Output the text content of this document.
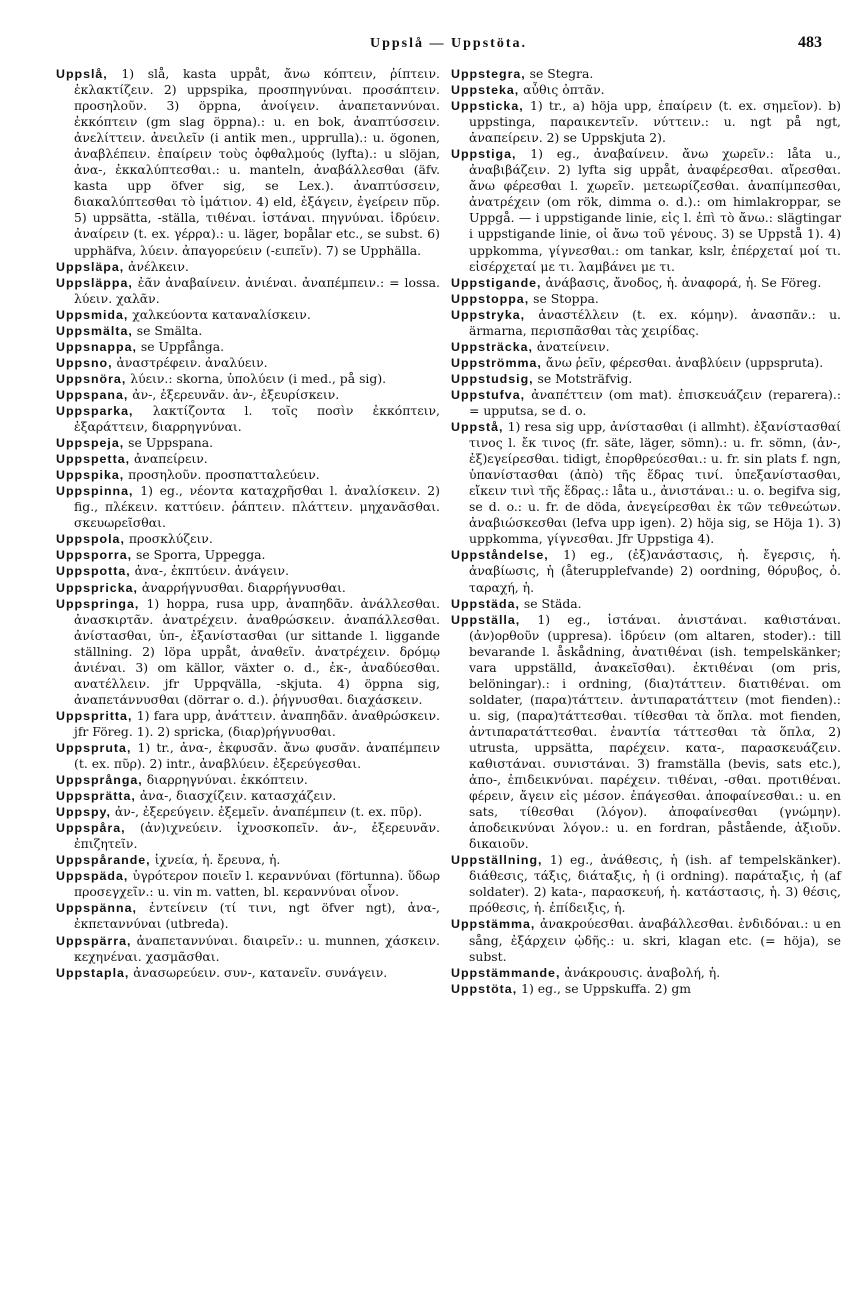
Uppslå — Uppstöta.	483

Uppslå, 1) slå, kasta uppåt, ἄνω κόπτειν, ῥίπτειν. ἐκλακτίζειν. 2) uppspika, προσπηγνύναι. προσάπτειν. προσηλοῦν. 3) öppna, ἀνοίγειν. ἀναπεταννύναι. ἐκκόπτειν (gm slag öppna).: u. en bok, ἀναπτύσσειν. ἀνελίττειν. ἀνειλεῖν (i antik men., upprulla).: u. ögonen, ἀναβλέπειν. ἐπαίρειν τοὺς ὀφθαλμούς (lyfta).: u slöjan, ἀνα-, ἐκκαλύπτεσθαι.: u. manteln, ἀναβάλλεσθαι (äfv. kasta upp öfver sig, se Lex.). ἀναπτύσσειν, διακαλύπτεσθαι τὸ ἱμάτιον. 4) eld, ἐξάγειν, ἐγείρειν πῦρ. 5) uppsätta, -ställa, τιθέναι. ἱστάναι. πηγνύναι. ἱδρύειν. ἀναίρειν (t. ex. γέρρα).: u. läger, bopålar etc., se subst. 6) upphäfva, λύειν. ἀπαγορεύειν (-ειπεῖν). 7) se Upphälla.

Uppsläpa, ἀνέλκειν.

Uppsläppa, ἐᾶν ἀναβαίνειν. ἀνιέναι. ἀναπέμπειν.: = lossa. λύειν. χαλᾶν.

Uppsmida, χαλκεύοντα καταναλίσκειν.

Uppsmälta, se Smälta.

Uppsnappa, se Uppfånga.

Uppsno, ἀναστρέφειν. ἀναλύειν.

Uppsnöra, λύειν.: skorna, ὑπολύειν (i med., på sig).

Uppspana, ἀν-, ἐξερευνᾶν. ἀν-, ἐξευρίσκειν.

Uppsparka, λακτίζοντα l. τοῖς ποσὶν ἐκκόπτειν, ἐξαράττειν, διαρρηγνύναι.

Uppspeja, se Uppspana.

Uppspetta, ἀναπείρειν.

Uppspika, προσηλοῦν. προσπατταλεύειν.

Uppspinna, 1) eg., νέοντα καταχρῆσθαι l. ἀναλίσκειν. 2) fig., πλέκειν. καττύειν. ῥάπτειν. πλάττειν. μηχανᾶσθαι. σκευωρεῖσθαι.

Uppspola, προσκλύζειν.

Uppsporra, se Sporra, Uppegga.

Uppspotta, ἀνα-, ἐκπτύειν. ἀνάγειν.

Uppspricka, ἀναρρήγνυσθαι. διαρρήγνυσθαι.

Uppspringa, 1) hoppa, rusa upp, ἀναπηδᾶν. ἀνάλλεσθαι. ἀνασκιρτᾶν. ἀνατρέχειν. ἀναθρώσκειν. ἀναπάλλεσθαι. ἀνίστασθαι, ὑπ-, ἐξανίστασθαι (ur sittande l. liggande ställning. 2) löpa uppåt, ἀναθεῖν. ἀνατρέχειν. δρόμῳ ἀνιέναι. 3) om källor, växter o. d., ἐκ-, ἀναδύεσθαι. ανατέλλειν. jfr Uppqvälla, -skjuta. 4) öppna sig, ἀναπετάννυσθαι (dörrar o. d.). ῥήγνυσθαι. διαχάσκειν.

Uppspritta, 1) fara upp, ἀνάττειν. ἀναπηδᾶν. ἀναθρώσκειν. jfr Föreg. 1). 2) spricka, (διαρ)ρήγνυσθαι.

Uppspruta, 1) tr., ἀνα-, ἐκφυσᾶν. ἄνω φυσᾶν. ἀναπέμπειν (t. ex. πῦρ). 2) intr., ἀναβλύειν. ἐξερεύγεσθαι.

Uppsprånga, διαρρηγνύναι. ἐκκόπτειν.

Uppsprätta, ἀνα-, διασχίζειν. κατασχάζειν.

Uppspy, ἀν-, ἐξερεύγειν. ἐξεμεῖν. ἀναπέμπειν (t. ex. πῦρ).

Uppspåra, (ἀν)ιχνεύειν. ἰχνοσκοπεῖν. ἀν-, ἐξερευνᾶν. ἐπιζητεῖν.

Uppspårande, ἰχνεία, ἡ. ἔρευνα, ἡ.

Uppspäda, ὑγρότερον ποιεῖν l. κεραννύναι (förtunna). ὕδωρ προσεγχεῖν.: u. vin m. vatten, bl. κεραννύναι οἶνον.

Uppspänna, ἐντείνειν (τί τινι, ngt öfver ngt), ἀνα-, ἐκπεταννύναι (utbreda).

Uppspärra, ἀναπεταννύναι. διαιρεῖν.: u. munnen, χάσκειν. κεχηνέναι. χασμᾶσθαι.

Uppstapla, ἀνασωρεύειν. συν-, κατανεῖν. συνάγειν.

Uppstegra, se Stegra.

Uppsteka, αὖθις ὀπτᾶν.

Uppsticka, 1) tr., a) höja upp, ἐπαίρειν (t. ex. σημεῖον). b) uppstinga, παραικεντεῖν. νύττειν.: u. ngt på ngt, ἀναπείρειν. 2) se Uppskjuta 2).

Uppstiga, 1) eg., ἀναβαίνειν. ἄνω χωρεῖν.: låta u., ἀναβιβάζειν. 2) lyfta sig uppåt, ἀναφέρεσθαι. αἴρεσθαι. ἄνω φέρεσθαι l. χωρεῖν. μετεωρίζεσθαι. ἀναπίμπεσθαι, ἀνατρέχειν (om rök, dimma o. d.).: om himlakroppar, se Uppgå. — i uppstigande linie, εἰς l. ἐπὶ τὸ ἄνω.: slägtingar i uppstigande linie, οἱ ἄνω τοῦ γένους. 3) se Uppstå 1). 4) uppkomma, γίγνεσθαι.: om tankar, kslr, ἐπέρχεταί μοί τι. εἰσέρχεταί με τι. λαμβάνει με τι.

Uppstigande, ἀνάβασις, ἄνοδος, ἡ. ἀναφορά, ἡ. Se Föreg.

Uppstoppa, se Stoppa.

Uppstryka, ἀναστέλλειν (t. ex. κόμην). ἀνασπᾶν.: u. ärmarna, περισπᾶσθαι τὰς χειρίδας.

Uppsträcka, ἀνατείνειν.

Uppströmma, ἄνω ῥεῖν, φέρεσθαι. ἀναβλύειν (uppspruta).

Uppstudsig, se Motsträfvig.

Uppstufva, ἀναπέττειν (om mat). ἐπισκευάζειν (reparera).: = upputsa, se d. o.

Uppstå, 1) resa sig upp, ἀνίστασθαι (i allmht). ἐξανίστασθαί τινος l. ἔκ τινος (fr. säte, läger, sömn).: u. fr. sömn, (ἀν-, ἐξ)εγείρεσθαι. tidigt, ἐπορθρεύεσθαι.: u. fr. sin plats f. ngn, ὑπανίστασθαι (ἀπὸ) τῆς ἕδρας τινί. ὑπεξανίστασθαι, εἴκειν τινὶ τῆς ἕδρας.: låta u., ἀνιστάναι.: u. o. begifva sig, se d. o.: u. fr. de döda, ἀνεγείρεσθαι ἐκ τῶν τεθνεώτων. ἀναβιώσκεσθαι (lefva upp igen). 2) höja sig, se Höja 1). 3) uppkomma, γίγνεσθαι. Jfr Uppstiga 4).

Uppståndelse, 1) eg., (ἐξ)ανάστασις, ἡ. ἔγερσις, ἡ. ἀναβίωσις, ἡ (återupplefvande) 2) oordning, θόρυβος, ὁ. ταραχή, ἡ.

Uppstäda, se Städa.

Uppställa, 1) eg., ἱστάναι. ἀνιστάναι. καθιστάναι. (ἀν)ορθοῦν (uppresa). ἱδρύειν (om altaren, stoder).: till bevarande l. åskådning, ἀνατιθέναι (ish. tempelskänker; vara uppställd, ἀνακεῖσθαι). ἐκτιθέναι (om pris, belöningar).: i ordning, (δια)τάττειν. διατιθέναι. om soldater, (παρα)τάττειν. ἀντιπαρατάττειν (mot fienden).: u. sig, (παρα)τάττεσθαι. τίθεσθαι τὰ ὅπλα. mot fienden, ἀντιπαρατάττεσθαι. ἐναντία τάττεσθαι τὰ ὅπλα, 2) utrusta, uppsätta, παρέχειν. κατα-, παρασκευάζειν. καθιστάναι. συνιστάναι. 3) framställa (bevis, sats etc.), ἀπο-, ἐπιδεικνύναι. παρέχειν. τιθέναι, -σθαι. προτιθέναι. φέρειν, ἄγειν εἰς μέσον. ἐπάγεσθαι. ἀποφαίνεσθαι.: u. en sats, τίθεσθαι (λόγον). ἀποφαίνεσθαι (γνώμην). ἀποδεικνύναι λόγον.: u. en fordran, påstående, ἀξιοῦν. δικαιοῦν.

Uppställning, 1) eg., ἀνάθεσις, ἡ (ish. af tempelskänker). διάθεσις, τάξις, διάταξις, ἡ (i ordning). παράταξις, ἡ (af soldater). 2) kata-, παρασκευή, ἡ. κατάστασις, ἡ. 3) θέσις, πρόθεσις, ἡ. ἐπίδειξις, ἡ.

Uppstämma, ἀνακρούεσθαι. ἀναβάλλεσθαι. ἐνδιδόναι.: u en sång, ἐξάρχειν ᾠδῆς.: u. skri, klagan etc. (= höja), se subst.

Uppstämmande, ἀνάκρουσις. ἀναβολή, ἡ.

Uppstöta, 1) eg., se Uppskuffa. 2) gm
